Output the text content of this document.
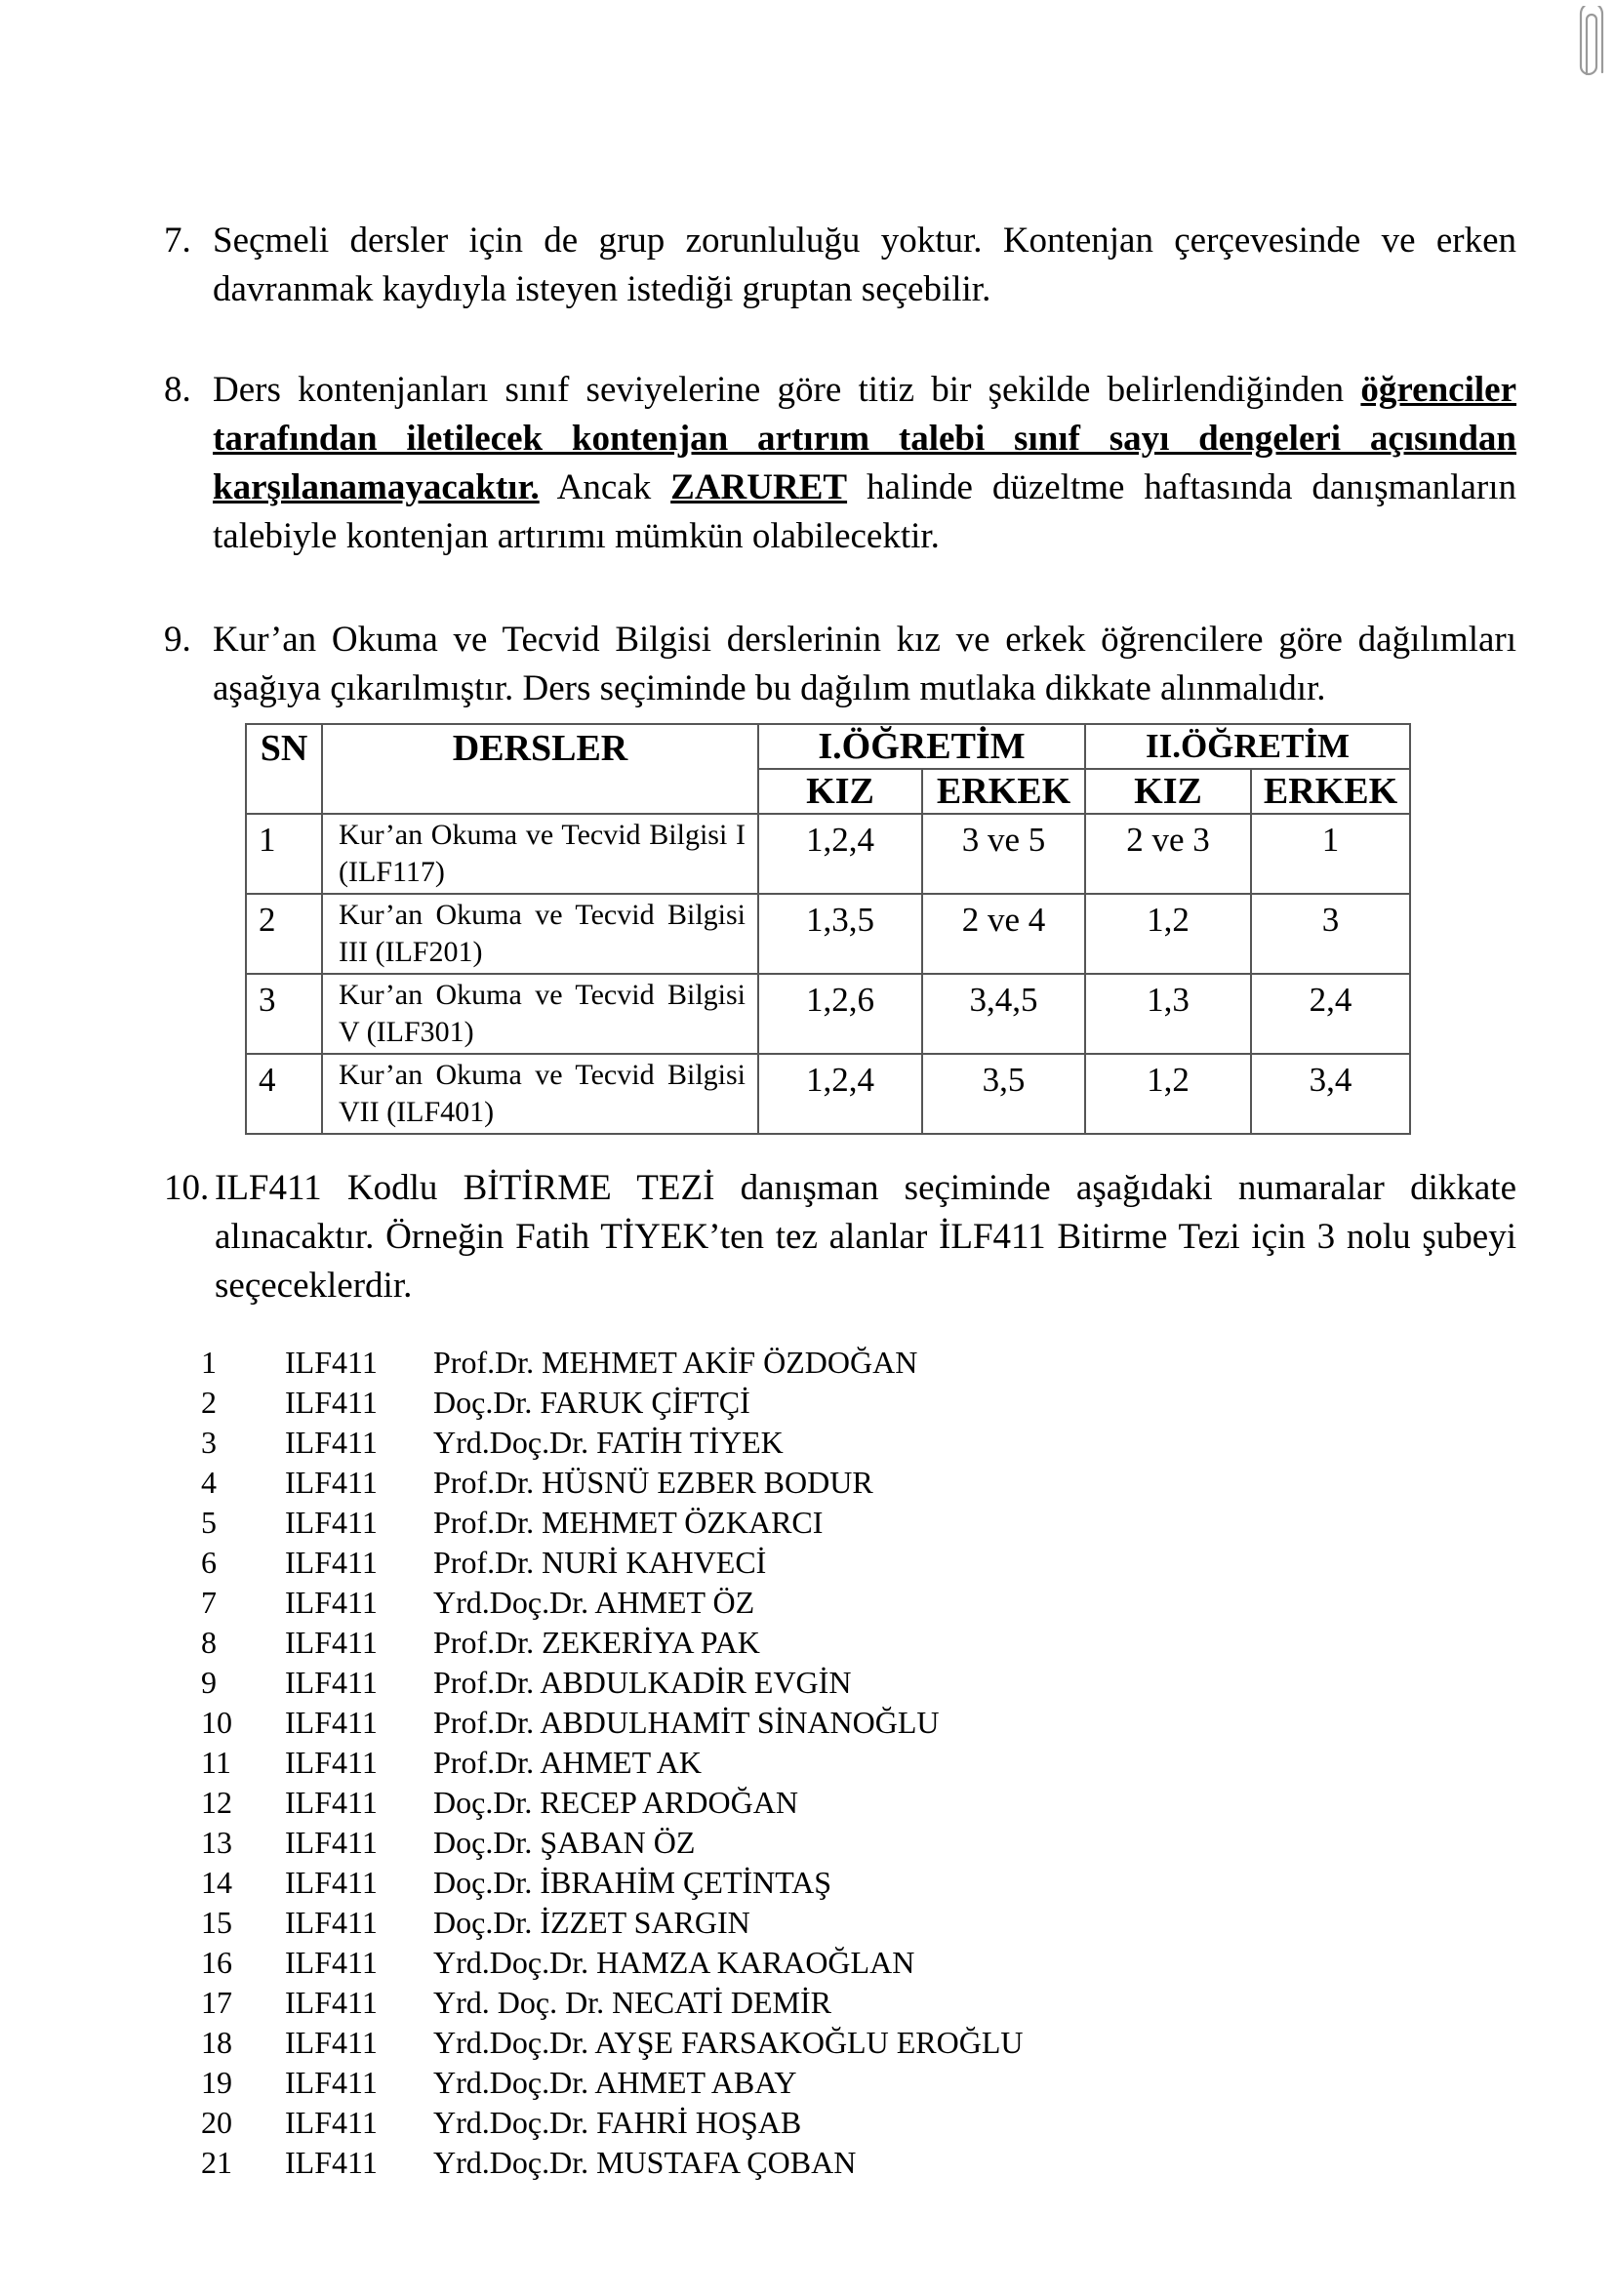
7. Seçmeli dersler için de grup zorunluluğu yoktur. Kontenjan çerçevesinde ve erken davranmak kaydıyla isteyen istediği gruptan seçebilir.

8. Ders kontenjanları sınıf seviyelerine göre titiz bir şekilde belirlendiğinden öğrenciler tarafından iletilecek kontenjan artırım talebi sınıf sayı dengeleri açısından karşılanamayacaktır. Ancak ZARURET halinde düzeltme haftasında danışmanların talebiyle kontenjan artırımı mümkün olabilecektir.

9. Kur’an Okuma ve Tecvid Bilgisi derslerinin kız ve erkek öğrencilere göre dağılımları aşağıya çıkarılmıştır. Ders seçiminde bu dağılım mutlaka dikkate alınmalıdır.

SN	DERSLER	I.ÖĞRETİM		II.ÖĞRETİM	
		KIZ	ERKEK	KIZ	ERKEK
1	Kur’an Okuma ve Tecvid Bilgisi I (ILF117)	1,2,4	3 ve 5	2 ve 3	1
2	Kur’an Okuma ve Tecvid Bilgisi III (ILF201)	1,3,5	2 ve 4	1,2	3
3	Kur’an Okuma ve Tecvid Bilgisi V (ILF301)	1,2,6	3,4,5	1,3	2,4
4	Kur’an Okuma ve Tecvid Bilgisi VII (ILF401)	1,2,4	3,5	1,2	3,4
10. ILF411 Kodlu BİTİRME TEZİ danışman seçiminde aşağıdaki numaralar dikkate alınacaktır. Örneğin Fatih TİYEK’ten tez alanlar İLF411 Bitirme Tezi için 3 nolu şubeyi seçeceklerdir.

1 ILF411 Prof.Dr. MEHMET AKİF ÖZDOĞAN
2 ILF411 Doç.Dr. FARUK ÇİFTÇİ
3 ILF411 Yrd.Doç.Dr. FATİH TİYEK
4 ILF411 Prof.Dr. HÜSNÜ EZBER BODUR
5 ILF411 Prof.Dr. MEHMET ÖZKARCI
6 ILF411 Prof.Dr. NURİ KAHVECİ
7 ILF411 Yrd.Doç.Dr. AHMET ÖZ
8 ILF411 Prof.Dr. ZEKERİYA PAK
9 ILF411 Prof.Dr. ABDULKADİR EVGİN
10 ILF411 Prof.Dr. ABDULHAMİT SİNANOĞLU
11 ILF411 Prof.Dr. AHMET AK
12 ILF411 Doç.Dr. RECEP ARDOĞAN
13 ILF411 Doç.Dr. ŞABAN ÖZ
14 ILF411 Doç.Dr. İBRAHİM ÇETİNTAŞ
15 ILF411 Doç.Dr. İZZET SARGIN
16 ILF411 Yrd.Doç.Dr. HAMZA KARAOĞLAN
17 ILF411 Yrd. Doç. Dr. NECATİ DEMİR
18 ILF411 Yrd.Doç.Dr. AYŞE FARSAKOĞLU EROĞLU
19 ILF411 Yrd.Doç.Dr. AHMET ABAY
20 ILF411 Yrd.Doç.Dr. FAHRİ HOŞAB
21 ILF411 Yrd.Doç.Dr. MUSTAFA ÇOBAN
